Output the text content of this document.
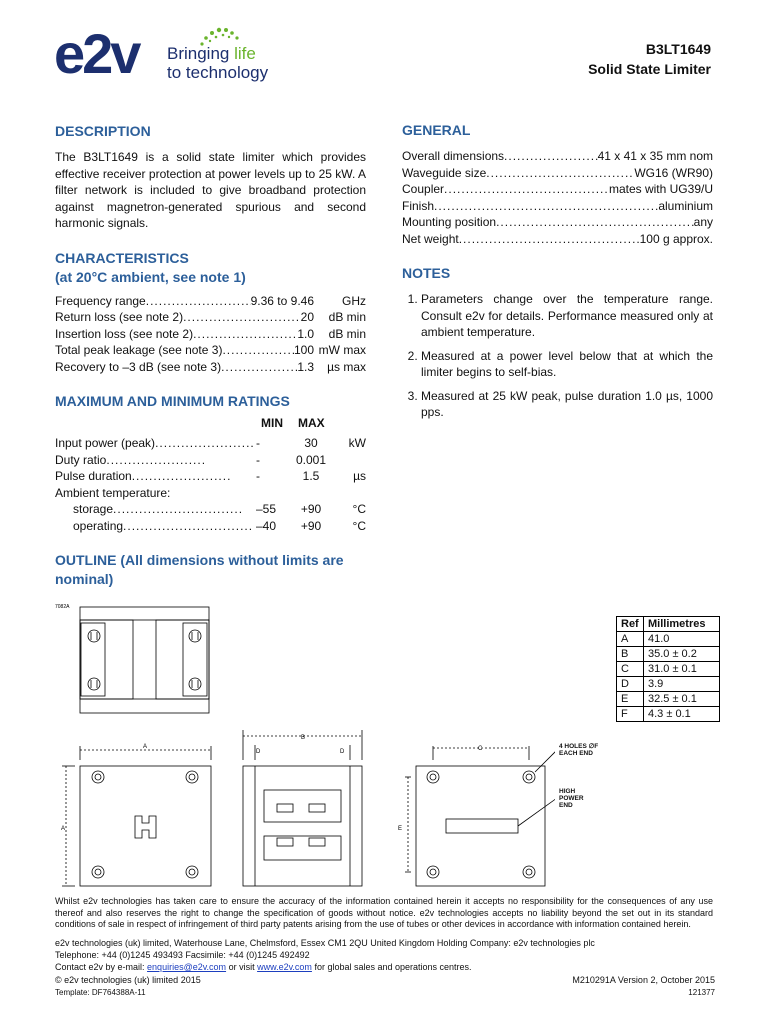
e2v Bringing life
to technology
B3LT1649
Solid State Limiter
DESCRIPTION
The B3LT1649 is a solid state limiter which provides effective receiver protection at power levels up to 25 kW. A filter network is included to give broadband protection against magnetron-generated spurious and second harmonic signals.
CHARACTERISTICS
(at 20°C ambient, see note 1)
Frequency range .....	9.36 to 9.46	GHz
Return loss (see note 2) .....	20	dB min
Insertion loss (see note 2) .....	1.0	dB min
Total peak leakage (see note 3) .....	100 mW max
Recovery to –3 dB (see note 3) .....	1.3	µs max
MAXIMUM AND MINIMUM RATINGS
MIN MAX
Input power (peak) .....	-	30	kW
Duty ratio .....	-	0.001
Pulse duration .....	-	1.5	µs
Ambient temperature:
storage .....	–55	+90	°C
operating .....	–40	+90	°C
OUTLINE (All dimensions without limits are nominal)
GENERAL
Overall dimensions .....	41 x 41 x 35 mm nom
Waveguide size .....	WG16 (WR90)
Coupler .....	mates with UG39/U
Finish .....	aluminium
Mounting position .....	any
Net weight .....	100 g approx.
NOTES
1. Parameters change over the temperature range. Consult e2v for details. Performance measured only at ambient temperature.
2. Measured at a power level below that at which the limiter begins to self-bias.
3. Measured at 25 kW peak, pulse duration 1.0 µs, 1000 pps.
7082A
A
A
B
D	D	C
E
4 HOLES ∅F
EACH END
HIGH
POWER
END
Ref	Millimetres
A	41.0
B	35.0 ± 0.2
C	31.0 ± 0.1
D	3.9
E	32.5 ± 0.1
F	4.3 ± 0.1
Whilst e2v technologies has taken care to ensure the accuracy of the information contained herein it accepts no responsibility for the consequences of any use thereof and also reserves the right to change the specification of goods without notice. e2v technologies accepts no liability beyond the set out in its standard conditions of sale in respect of infringement of third party patents arising from the use of tubes or other devices in accordance with information contained herein.
e2v technologies (uk) limited, Waterhouse Lane, Chelmsford, Essex CM1 2QU United Kingdom Holding Company: e2v technologies plc
Telephone: +44 (0)1245 493493 Facsimile: +44 (0)1245 492492
Contact e2v by e-mail: enquiries@e2v.com or visit www.e2v.com for global sales and operations centres.
© e2v technologies (uk) limited 2015	M210291A Version 2, October 2015
Template: DF764388A-11	121377
